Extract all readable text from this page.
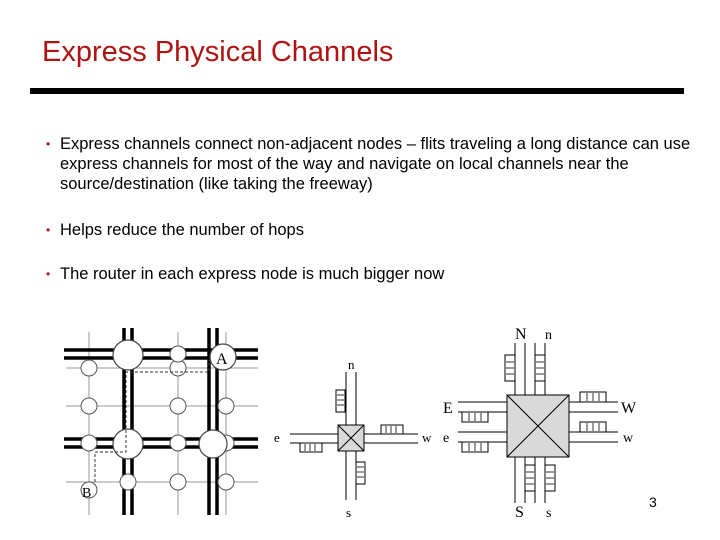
Express Physical Channels
• Express channels connect non-adjacent nodes – flits traveling a long distance can use express channels for most of the way and navigate on local channels near the source/destination (like taking the freeway)
• Helps reduce the number of hops
• The router in each express node is much bigger now
A
B
n
e	w
s
N n
E
e
W
w
S s
3
